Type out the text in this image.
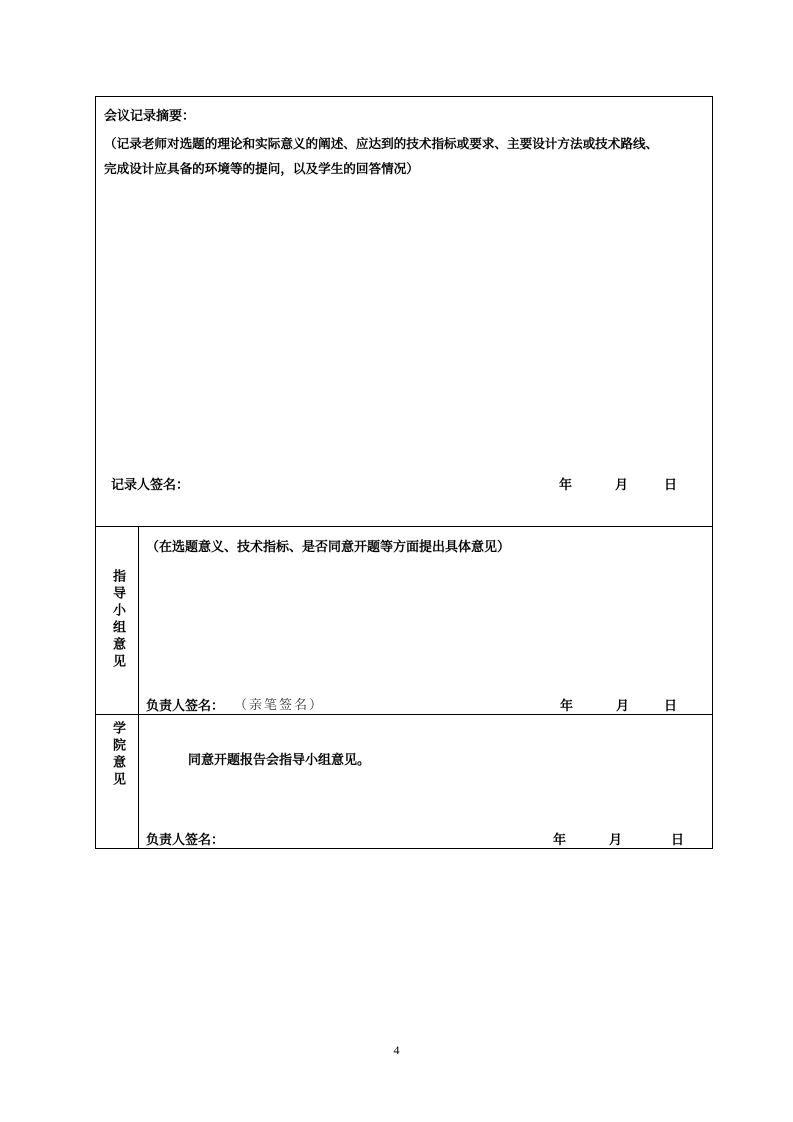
会议记录摘要：
（记录老师对选题的理论和实际意义的阐述、应达到的技术指标或要求、主要设计方法或技术路线、
完成设计应具备的环境等的提问，以及学生的回答情况）
记录人签名：	年	月	日
指导小组意见
（在选题意义、技术指标、是否同意开题等方面提出具体意见）
负责人签名： （亲笔签名）	年	月	日
学院意见	同意开题报告会指导小组意见。
负责人签名：	年	月	日
4
